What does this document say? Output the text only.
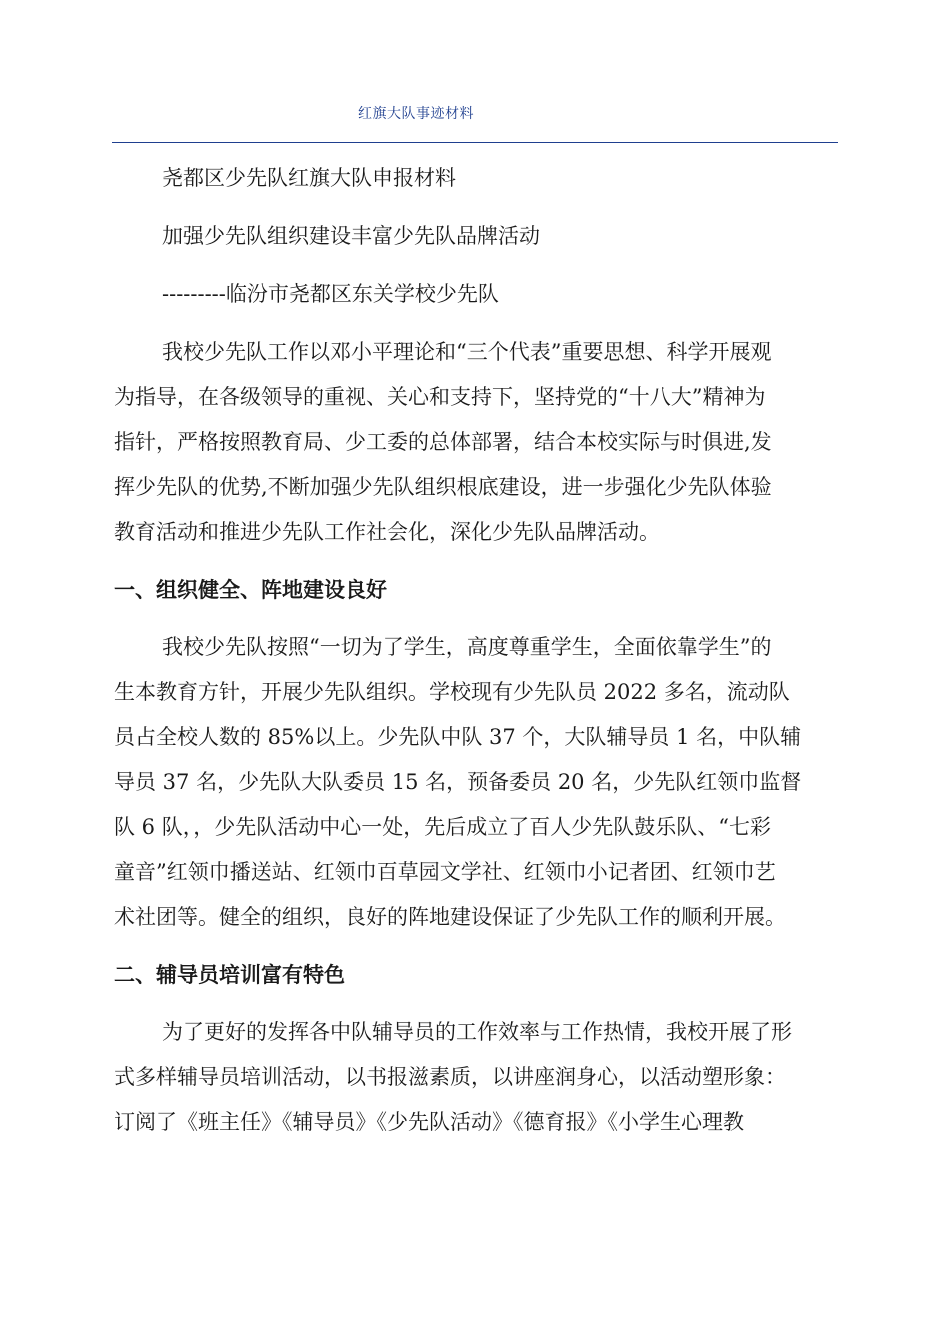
红旗大队事迹材料

尧都区少先队红旗大队申报材料

加强少先队组织建设丰富少先队品牌活动

---------临汾市尧都区东关学校少先队

我校少先队工作以邓小平理论和“三个代表”重要思想、科学开展观

为指导，在各级领导的重视、关心和支持下，坚持党的“十八大”精神为

指针，严格按照教育局、少工委的总体部署，结合本校实际与时俱进,发

挥少先队的优势,不断加强少先队组织根底建设，进一步强化少先队体验

教育活动和推进少先队工作社会化，深化少先队品牌活动。

一、组织健全、阵地建设良好

我校少先队按照“一切为了学生，高度尊重学生，全面依靠学生”的

生本教育方针，开展少先队组织。学校现有少先队员 2022 多名，流动队

员占全校人数的 85%以上。少先队中队 37 个，大队辅导员 1 名，中队辅

导员 37 名，少先队大队委员 15 名，预备委员 20 名，少先队红领巾监督

队 6 队，，少先队活动中心一处，先后成立了百人少先队鼓乐队、“七彩

童音”红领巾播送站、红领巾百草园文学社、红领巾小记者团、红领巾艺

术社团等。健全的组织，良好的阵地建设保证了少先队工作的顺利开展。

二、辅导员培训富有特色

为了更好的发挥各中队辅导员的工作效率与工作热情，我校开展了形

式多样辅导员培训活动，以书报滋素质，以讲座润身心，以活动塑形象：

订阅了《班主任》《辅导员》《少先队活动》《德育报》《小学生心理教
